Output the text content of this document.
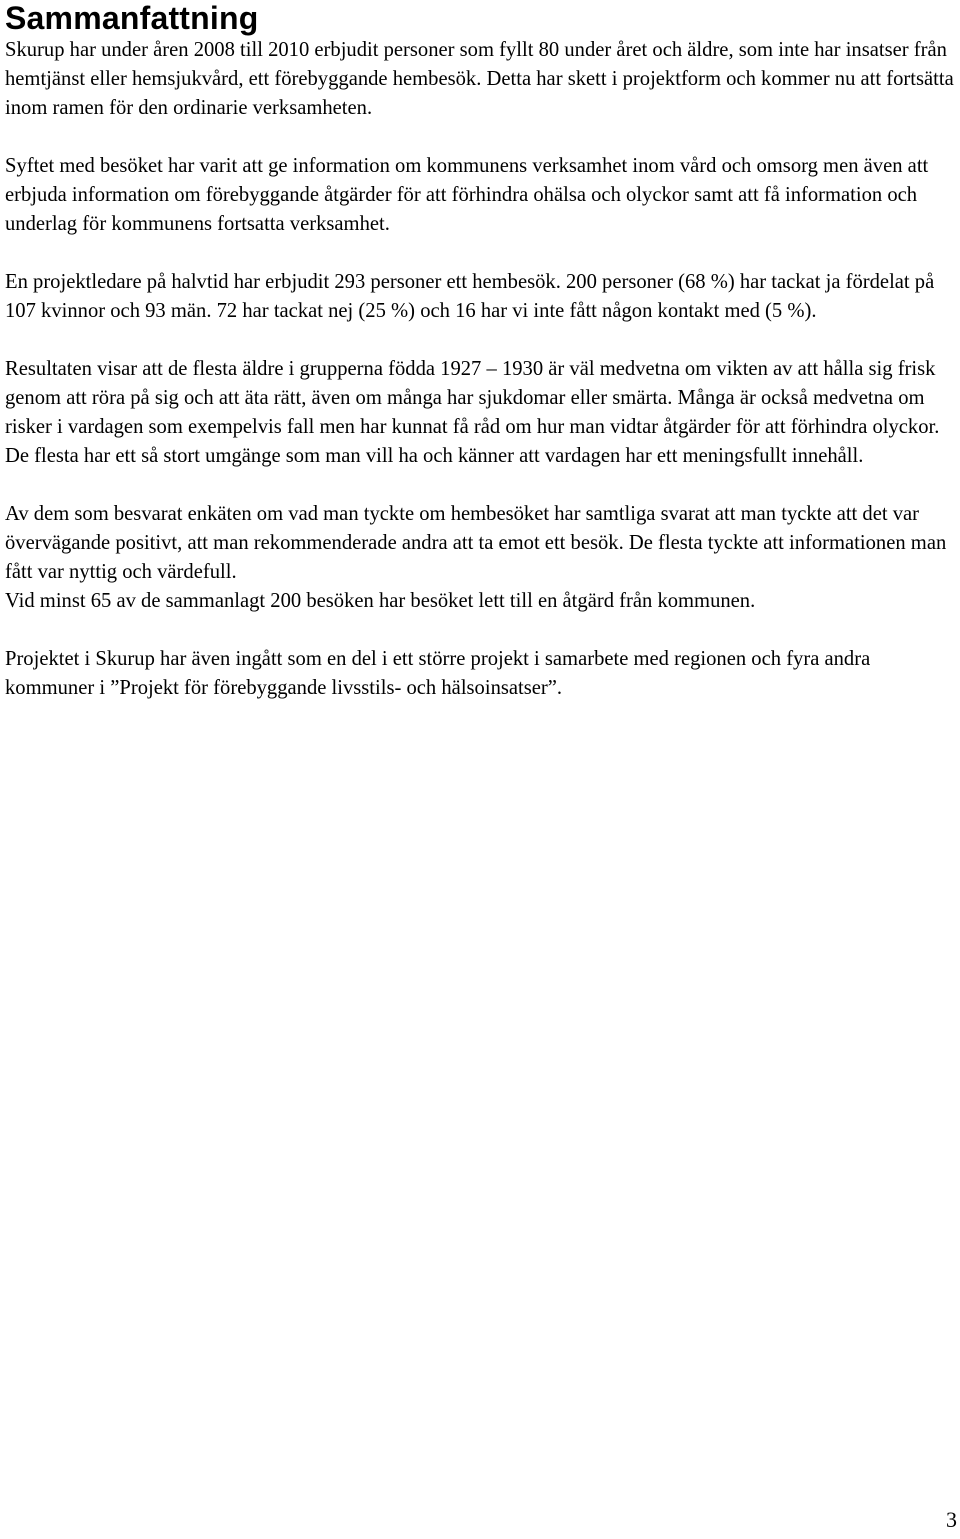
Sammanfattning

Skurup har under åren 2008 till 2010 erbjudit personer som fyllt 80 under året och äldre, som inte har insatser från hemtjänst eller hemsjukvård, ett förebyggande hembesök. Detta har skett i projektform och kommer nu att fortsätta inom ramen för den ordinarie verksamheten.

Syftet med besöket har varit att ge information om kommunens verksamhet inom vård och omsorg men även att erbjuda information om förebyggande åtgärder för att förhindra ohälsa och olyckor samt att få information och underlag för kommunens fortsatta verksamhet.

En projektledare på halvtid har erbjudit 293 personer ett hembesök. 200 personer (68 %) har tackat ja fördelat på 107 kvinnor och 93 män. 72 har tackat nej (25 %) och 16 har vi inte fått någon kontakt med (5 %).

Resultaten visar att de flesta äldre i grupperna födda 1927 – 1930 är väl medvetna om vikten av att hålla sig frisk genom att röra på sig och att äta rätt, även om många har sjukdomar eller smärta. Många är också medvetna om risker i vardagen som exempelvis fall men har kunnat få råd om hur man vidtar åtgärder för att förhindra olyckor. De flesta har ett så stort umgänge som man vill ha och känner att vardagen har ett meningsfullt innehåll.

Av dem som besvarat enkäten om vad man tyckte om hembesöket har samtliga svarat att man tyckte att det var övervägande positivt, att man rekommenderade andra att ta emot ett besök. De flesta tyckte att informationen man fått var nyttig och värdefull.

Vid minst 65 av de sammanlagt 200 besöken har besöket lett till en åtgärd från kommunen.

Projektet i Skurup har även ingått som en del i ett större projekt i samarbete med regionen och fyra andra kommuner i ”Projekt för förebyggande livsstils- och hälsoinsatser”.

3
